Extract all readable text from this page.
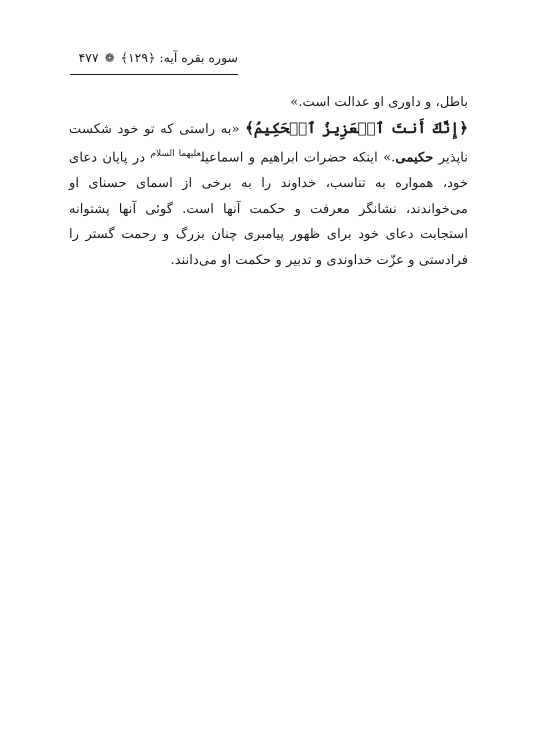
سوره بقره آیه: ﴿۱۲۹﴾ ❁ ۴۷۷

باطل، و داوری او عدالت است.»

﴿إِنَّكَ أَنتَ ٱلۡعَزِيزُ ٱلۡحَكِيمُ﴾ «به راستی که تو خود شکست ناپذیر حکیمی.» اینکه حضرات ابراهیم و اسماعیل$^{عليهما السلام}$ در پایان دعای خود، همواره به تناسب، خداوند را به برخی از اسمای حسنای او می‌خواندند، نشانگر معرفت و حکمت آنها است. گوئی آنها پشتوانه استجابت دعای خود برای ظهور پیامبری چنان بزرگ و رحمت گستر را فرادستی و عزّت خداوندی و تدبیر و حکمت او می‌دانند.
